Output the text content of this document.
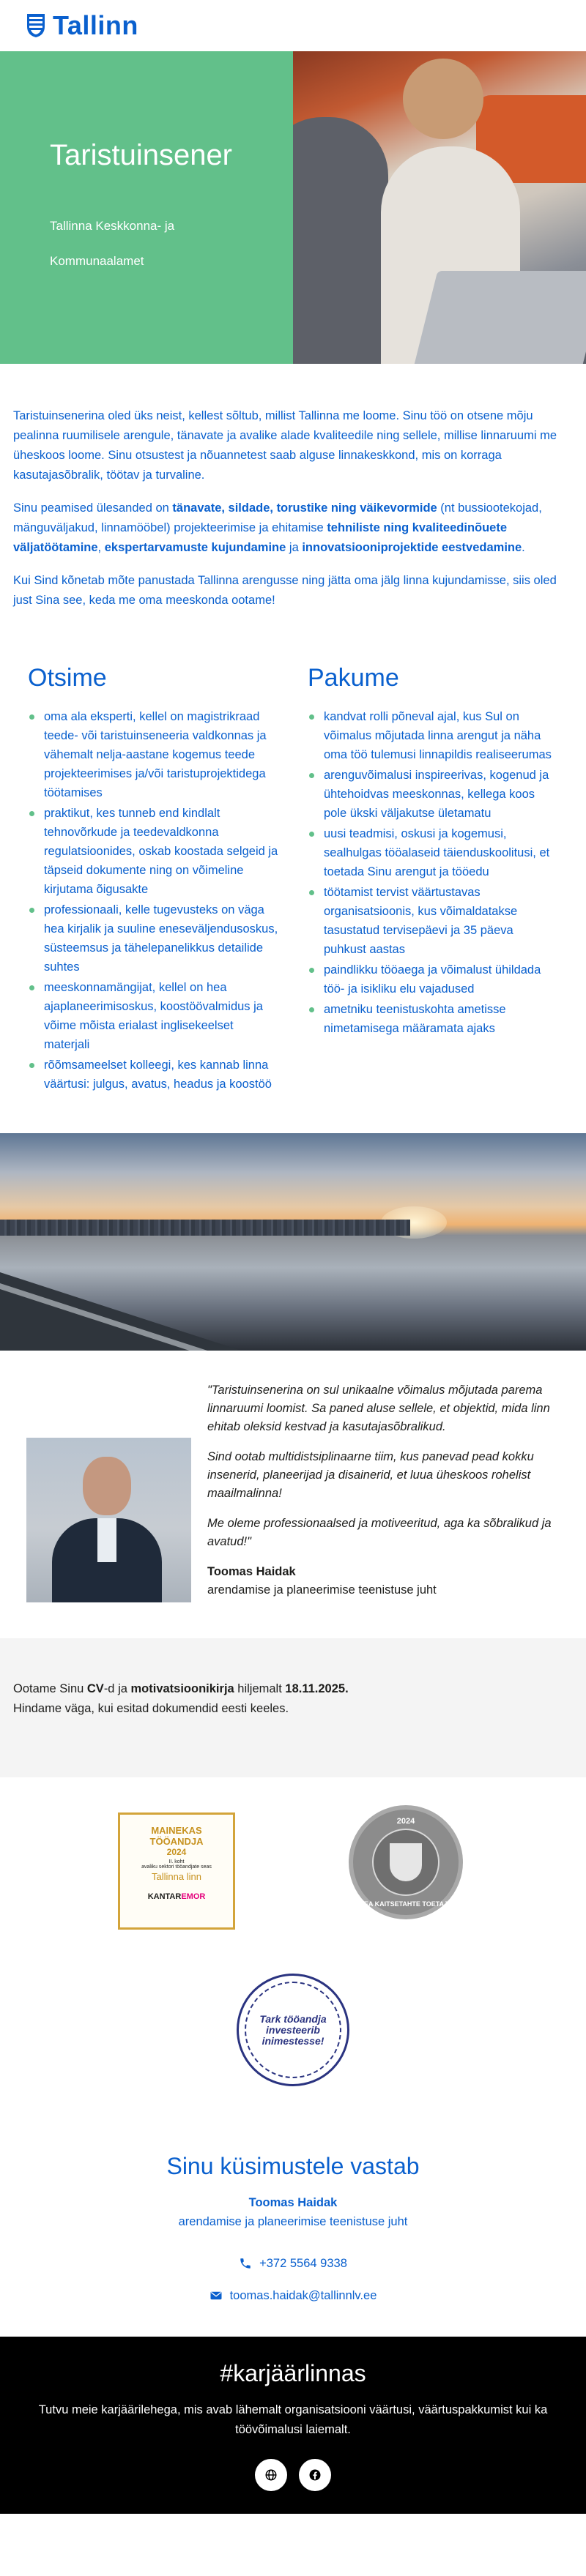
Tallinn
Taristuinsener
Tallinna Keskkonna- ja Kommunaalamet

Taristuinsenerina oled üks neist, kellest sõltub, millist Tallinna me loome. Sinu töö on otsene mõju pealinna ruumilisele arengule, tänavate ja avalike alade kvaliteedile ning sellele, millise linnaruumi me üheskoos loome. Sinu otsustest ja nõuannetest saab alguse linnakeskkond, mis on korraga kasutajasõbralik, töötav ja turvaline.

Sinu peamised ülesanded on tänavate, sildade, torustike ning väikevormide (nt bussiootekojad, mänguväljakud, linnamööbel) projekteerimise ja ehitamise tehniliste ning kvaliteedinõuete väljatöötamine, ekspertarvamuste kujundamine ja innovatsiooniprojektide eestvedamine.

Kui Sind kõnetab mõte panustada Tallinna arengusse ning jätta oma jälg linna kujundamisse, siis oled just Sina see, keda me oma meeskonda ootame!

Otsime
oma ala eksperti, kellel on magistrikraad teede- või taristuinseneeria valdkonnas ja vähemalt nelja-aastane kogemus teede projekteerimises ja/või taristuprojektidega töötamises
praktikut, kes tunneb end kindlalt tehnovõrkude ja teedevaldkonna regulatsioonides, oskab koostada selgeid ja täpseid dokumente ning on võimeline kirjutama õigusakte
professionaali, kelle tugevusteks on väga hea kirjalik ja suuline eneseväljendusoskus, süsteemsus ja tähelepanelikkus detailide suhtes
meeskonnamängijat, kellel on hea ajaplaneerimisoskus, koostöövalmidus ja võime mõista erialast inglisekeelset materjali
rõõmsameelset kolleegi, kes kannab linna väärtusi: julgus, avatus, headus ja koostöö
Pakume
kandvat rolli põneval ajal, kus Sul on võimalus mõjutada linna arengut ja näha oma töö tulemusi linnapildis realiseerumas
arenguvõimalusi inspireerivas, kogenud ja ühtehoidvas meeskonnas, kellega koos pole ükski väljakutse ületamatu
uusi teadmisi, oskusi ja kogemusi, sealhulgas tööalaseid täienduskoolitusi, et toetada Sinu arengut ja tööedu
töötamist tervist väärtustavas organisatsioonis, kus võimaldatakse tasustatud tervisepäevi ja 35 päeva puhkust aastas
paindlikku tööaega ja võimalust ühildada töö- ja isikliku elu vajadused
ametniku teenistuskohta ametisse nimetamisega määramata ajaks

"Taristuinsenerina on sul unikaalne võimalus mõjutada parema linnaruumi loomist. Sa paned aluse sellele, et objektid, mida linn ehitab oleksid kestvad ja kasutajasõbralikud.

Sind ootab multidistsiplinaarne tiim, kus panevad pead kokku insenerid, planeerijad ja disainerid, et luua üheskoos rohelist maailmalinna!

Me oleme professionaalsed ja motiveeritud, aga ka sõbralikud ja avatud!"

Toomas Haidak
arendamise ja planeerimise teenistuse juht
Ootame Sinu CV-d ja motivatsioonikirja hiljemalt 18.11.2025.
Hindame väga, kui esitad dokumendid eesti keeles.
MAINEKAS
TÖÖANDJA
2024
II. koht
avaliku sektori tööandjate seas
Tallinna linn
KANTAREMOR
2024
HEA KAITSETAHTE TOETAJA
Tark tööandja
investeerib
inimestesse!
Sinu küsimustele vastab
Toomas Haidak
arendamise ja planeerimise teenistuse juht
+372 5564 9338
toomas.haidak@tallinnlv.ee
#karjäärlinnas

Tutvu meie karjäärilehega, mis avab lähemalt organisatsiooni väärtusi, väärtuspakkumist kui ka töövõimalusi laiemalt.
